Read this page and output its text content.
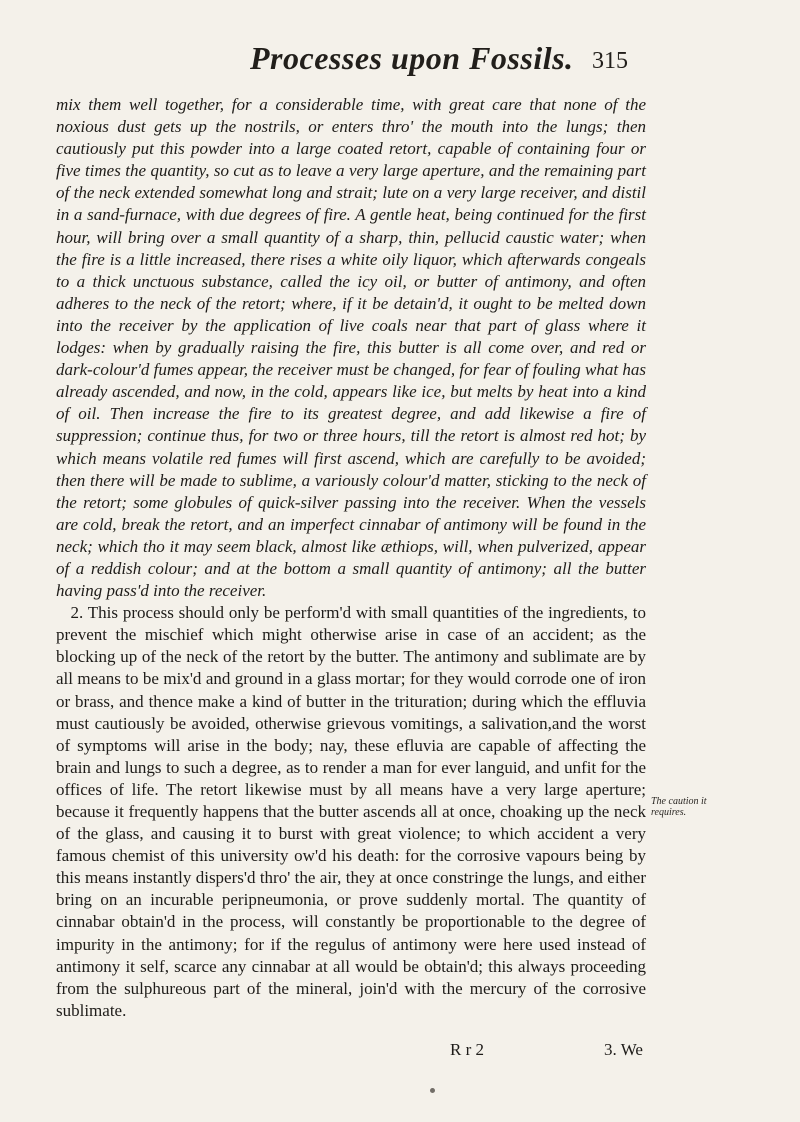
Processes upon Fossils. 315

mix them well together, for a considerable time, with great care that none of the noxious dust gets up the nostrils, or enters thro' the mouth into the lungs; then cautiously put this powder into a large coated retort, capable of containing four or five times the quantity, so cut as to leave a very large aperture, and the remaining part of the neck extended somewhat long and strait; lute on a very large receiver, and distil in a sand-furnace, with due degrees of fire. A gentle heat, being continued for the first hour, will bring over a small quantity of a sharp, thin, pellucid caustic water; when the fire is a little increased, there rises a white oily liquor, which afterwards congeals to a thick unctuous substance, called the icy oil, or butter of antimony, and often adheres to the neck of the retort; where, if it be detain'd, it ought to be melted down into the receiver by the application of live coals near that part of glass where it lodges: when by gradually raising the fire, this butter is all come over, and red or dark-colour'd fumes appear, the receiver must be changed, for fear of fouling what has already ascended, and now, in the cold, appears like ice, but melts by heat into a kind of oil. Then increase the fire to its greatest degree, and add likewise a fire of suppression; continue thus, for two or three hours, till the retort is almost red hot; by which means volatile red fumes will first ascend, which are carefully to be avoided; then there will be made to sublime, a variously colour'd matter, sticking to the neck of the retort; some globules of quick-silver passing into the receiver. When the vessels are cold, break the retort, and an imperfect cinnabar of antimony will be found in the neck; which tho it may seem black, almost like æthiops, will, when pulverized, appear of a reddish colour; and at the bottom a small quantity of antimony; all the butter having pass'd into the receiver.

2. This process should only be perform'd with small quantities of the ingredients, to prevent the mischief which might otherwise arise in case of an accident; as the blocking up of the neck of the retort by the butter. The antimony and sublimate are by all means to be mix'd and ground in a glass mortar; for they would corrode one of iron or brass, and thence make a kind of butter in the trituration; during which the effluvia must cautiously be avoided, otherwise grievous vomitings, a salivation,and the worst of symptoms will arise in the body; nay, these efluvia are capable of affecting the brain and lungs to such a degree, as to render a man for ever languid, and unfit for the offices of life. The retort likewise must by all means have a very large aperture; because it frequently happens that the butter ascends all at once, choaking up the neck of the glass, and causing it to burst with great violence; to which accident a very famous chemist of this university ow'd his death: for the corrosive vapours being by this means instantly dispers'd thro' the air, they at once constringe the lungs, and either bring on an incurable peripneumonia, or prove suddenly mortal. The quantity of cinnabar obtain'd in the process, will constantly be proportionable to the degree of impurity in the antimony; for if the regulus of antimony were here used instead of antimony it self, scarce any cinnabar at all would be obtain'd; this always proceeding from the sulphureous part of the mineral, join'd with the mercury of the corrosive sublimate.

The caution it requires.
R r 2	3. We
